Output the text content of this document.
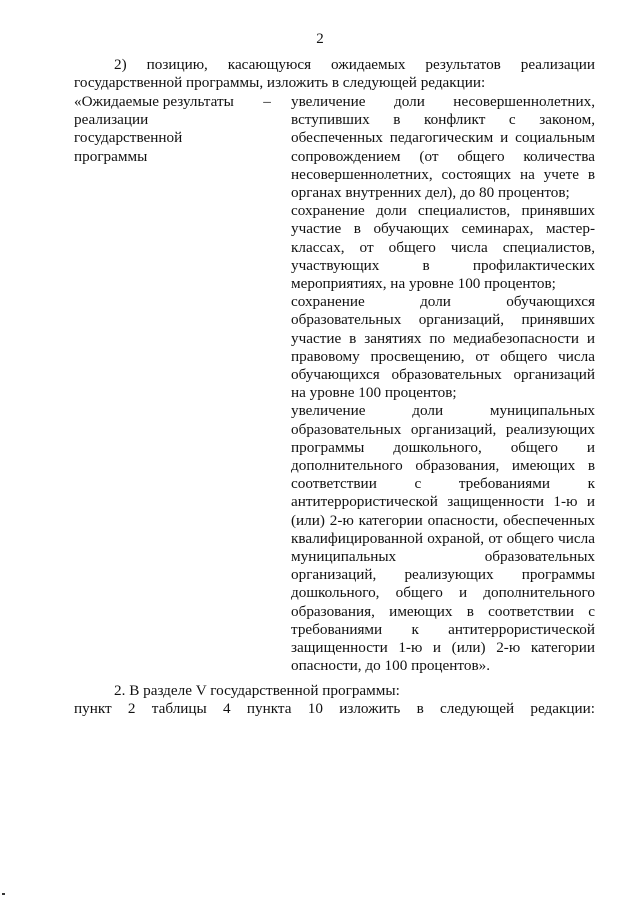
2
2) позицию, касающуюся ожидаемых результатов реализации государственной программы, изложить в следующей редакции:
«Ожидаемые результаты
реализации
государственной
программы
– увеличение доли несовершеннолетних, вступивших в конфликт с законом, обеспеченных педагогическим и социальным сопровождением (от общего количества несовершеннолетних, состоящих на учете в органах внутренних дел), до 80 процентов;

сохранение доли специалистов, принявших участие в обучающих семинарах, мастер-классах, от общего числа специалистов, участвующих в профилактических мероприятиях, на уровне 100 процентов;

сохранение доли обучающихся образовательных организаций, принявших участие в занятиях по медиабезопасности и правовому просвещению, от общего числа обучающихся образовательных организаций на уровне 100 процентов;

увеличение доли муниципальных образовательных организаций, реализующих программы дошкольного, общего и дополнительного образования, имеющих в соответствии с требованиями к антитеррористической защищенности 1-ю и (или) 2-ю категории опасности, обеспеченных квалифицированной охраной, от общего числа муниципальных образовательных организаций, реализующих программы дошкольного, общего и дополнительного образования, имеющих в соответствии с требованиями к антитеррористической защищенности 1-ю и (или) 2-ю категории опасности, до 100 процентов».

2. В разделе V государственной программы:

пункт 2 таблицы 4 пункта 10 изложить в следующей редакции:
